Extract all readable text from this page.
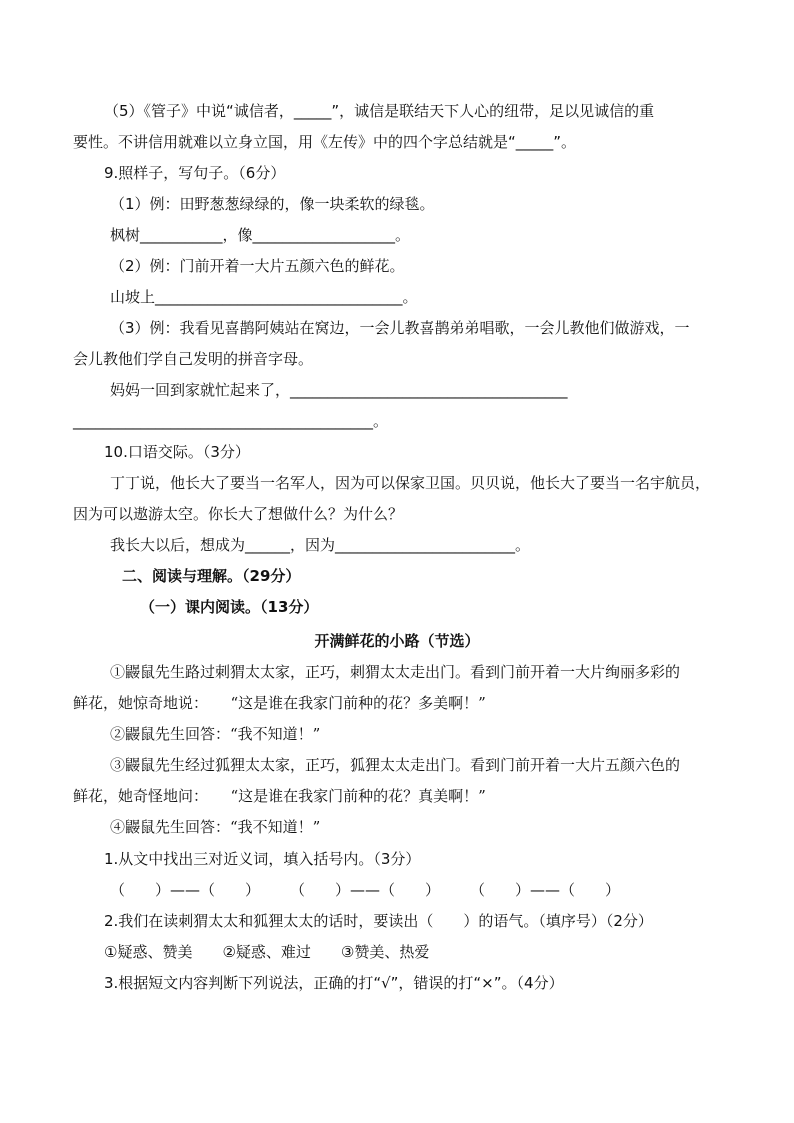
（5）《管子》中说“诚信者，_____”，诚信是联结天下人心的纽带，足以见诚信的重
要性。不讲信用就难以立身立国，用《左传》中的四个字总结就是“_____”。
9.照样子，写句子。（6分）
（1）例：田野葱葱绿绿的，像一块柔软的绿毯。
枫树___________，像___________________。
（2）例：门前开着一大片五颜六色的鲜花。
山坡上_________________________________。
（3）例：我看见喜鹊阿姨站在窝边，一会儿教喜鹊弟弟唱歌，一会儿教他们做游戏，一
会儿教他们学自己发明的拼音字母。
妈妈一回到家就忙起来了，_____________________________________
________________________________________。
10.口语交际。（3分）
丁丁说，他长大了要当一名军人，因为可以保家卫国。贝贝说，他长大了要当一名宇航员，
因为可以遨游太空。你长大了想做什么？为什么？
我长大以后，想成为______，因为________________________。
二、阅读与理解。（29分）
（一）课内阅读。（13分）
开满鲜花的小路（节选）
①鼹鼠先生路过刺猬太太家，正巧，刺猬太太走出门。看到门前开着一大片绚丽多彩的
鲜花，她惊奇地说：　　“这是谁在我家门前种的花？多美啊！”
②鼹鼠先生回答：“我不知道！”
③鼹鼠先生经过狐狸太太家，正巧，狐狸太太走出门。看到门前开着一大片五颜六色的
鲜花，她奇怪地问：　　“这是谁在我家门前种的花？真美啊！”
④鼹鼠先生回答：“我不知道！”
1.从文中找出三对近义词，填入括号内。（3分）
（　　）——（　　）　　　（　　）——（　　）　　　（　　）——（　　）
2.我们在读刺猬太太和狐狸太太的话时，要读出（　　）的语气。（填序号）（2分）
①疑惑、赞美　　②疑惑、难过　　③赞美、热爱
3.根据短文内容判断下列说法，正确的打“√”，错误的打“×”。（4分）
